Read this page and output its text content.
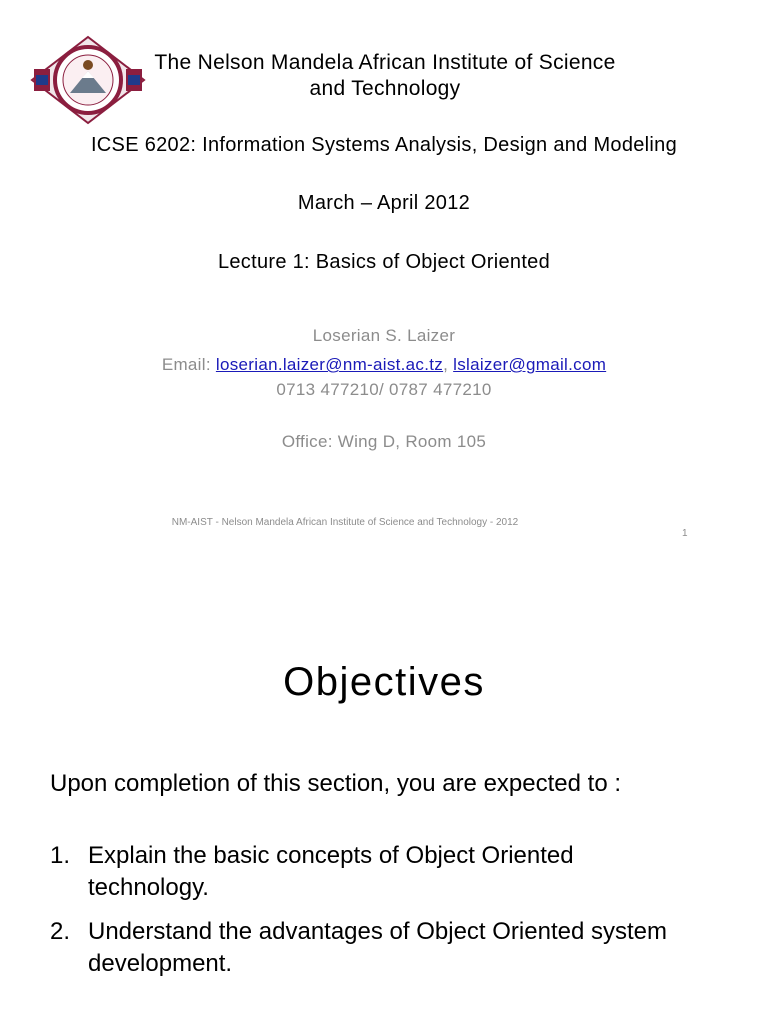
The Nelson Mandela African Institute of Science and Technology
ICSE 6202: Information Systems Analysis, Design and Modeling
March – April 2012
Lecture 1: Basics of Object Oriented
Loserian S. Laizer
Email: loserian.laizer@nm-aist.ac.tz, lslaizer@gmail.com
0713 477210/ 0787 477210
Office: Wing D, Room 105
NM-AIST - Nelson Mandela African Institute of Science and Technology - 2012
1
Objectives
Upon completion of this section, you are expected to :
1. Explain the basic concepts of Object Oriented technology.
2. Understand the advantages of Object Oriented system development.
